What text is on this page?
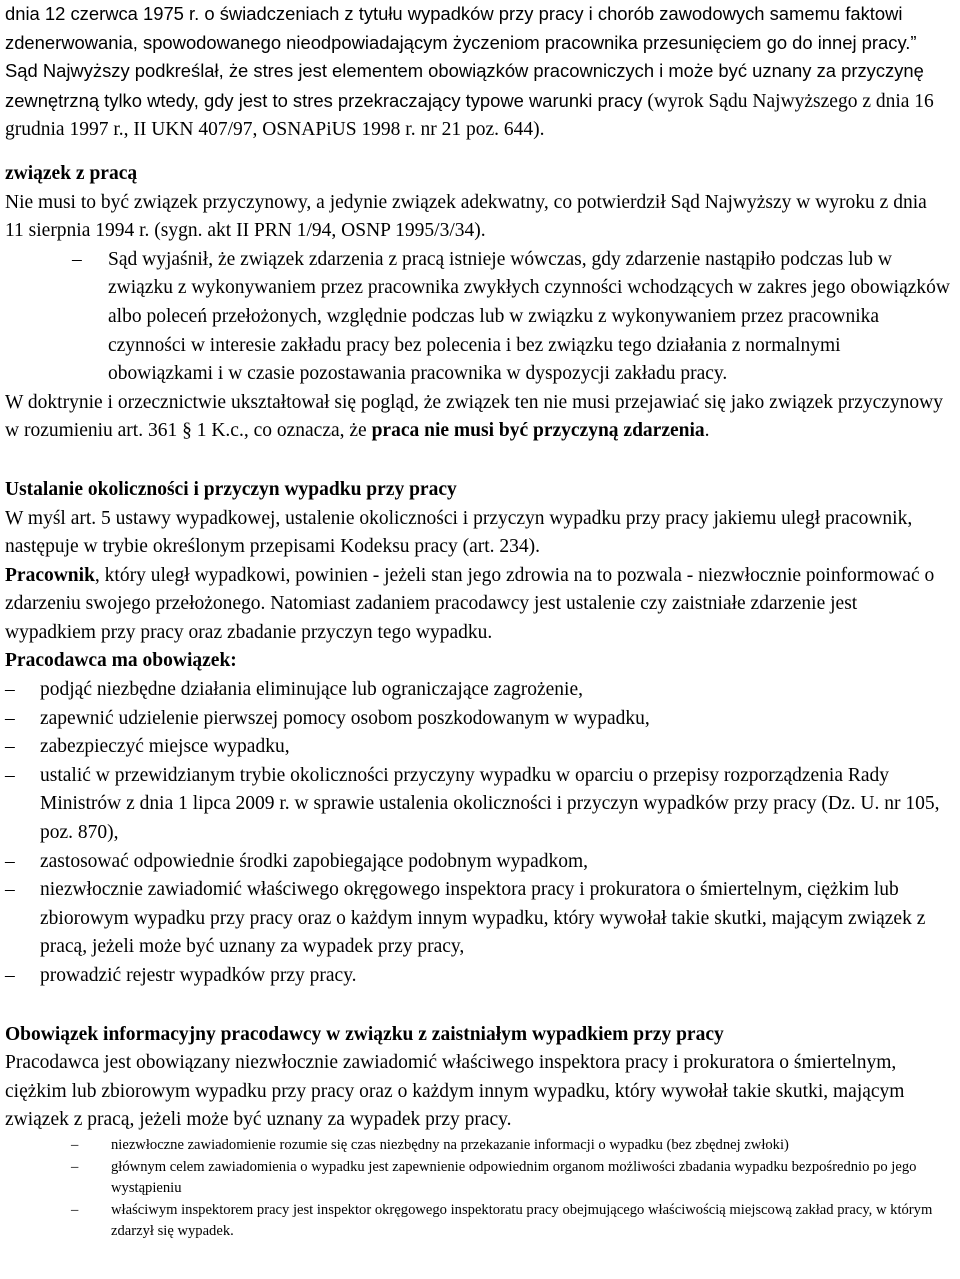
dnia 12 czerwca 1975 r. o świadczeniach z tytułu wypadków przy pracy i chorób zawodowych samemu faktowi zdenerwowania, spowodowanego nieodpowiadającym życzeniom pracownika przesunięciem go do innej pracy.”

Sąd Najwyższy podkreślał, że stres jest elementem obowiązków pracowniczych i może być uznany za przyczynę zewnętrzną tylko wtedy, gdy jest to stres przekraczający typowe warunki pracy (wyrok Sądu Najwyższego z dnia 16 grudnia 1997 r., II UKN 407/97, OSNAPiUS 1998 r. nr 21 poz. 644).

związek z pracą

Nie musi to być związek przyczynowy, a jedynie związek adekwatny, co potwierdził Sąd Najwyższy w wyroku z dnia 11 sierpnia 1994 r. (sygn. akt II PRN 1/94, OSNP 1995/3/34).

– Sąd wyjaśnił, że związek zdarzenia z pracą istnieje wówczas, gdy zdarzenie nastąpiło podczas lub w związku z wykonywaniem przez pracownika zwykłych czynności wchodzących w zakres jego obowiązków albo poleceń przełożonych, względnie podczas lub w związku z wykonywaniem przez pracownika czynności w interesie zakładu pracy bez polecenia i bez związku tego działania z normalnymi obowiązkami i w czasie pozostawania pracownika w dyspozycji zakładu pracy.

W doktrynie i orzecznictwie ukształtował się pogląd, że związek ten nie musi przejawiać się jako związek przyczynowy w rozumieniu art. 361 § 1 K.c., co oznacza, że praca nie musi być przyczyną zdarzenia.

Ustalanie okoliczności i przyczyn wypadku przy pracy

W myśl art. 5 ustawy wypadkowej, ustalenie okoliczności i przyczyn wypadku przy pracy jakiemu uległ pracownik, następuje w trybie określonym przepisami Kodeksu pracy (art. 234).

Pracownik, który uległ wypadkowi, powinien - jeżeli stan jego zdrowia na to pozwala - niezwłocznie poinformować o zdarzeniu swojego przełożonego. Natomiast zadaniem pracodawcy jest ustalenie czy zaistniałe zdarzenie jest wypadkiem przy pracy oraz zbadanie przyczyn tego wypadku.

Pracodawca ma obowiązek:

– podjąć niezbędne działania eliminujące lub ograniczające zagrożenie,
– zapewnić udzielenie pierwszej pomocy osobom poszkodowanym w wypadku,
– zabezpieczyć miejsce wypadku,
– ustalić w przewidzianym trybie okoliczności przyczyny wypadku w oparciu o przepisy rozporządzenia Rady Ministrów z dnia 1 lipca 2009 r. w sprawie ustalenia okoliczności i przyczyn wypadków przy pracy (Dz. U. nr 105, poz. 870),
– zastosować odpowiednie środki zapobiegające podobnym wypadkom,
– niezwłocznie zawiadomić właściwego okręgowego inspektora pracy i prokuratora o śmiertelnym, ciężkim lub zbiorowym wypadku przy pracy oraz o każdym innym wypadku, który wywołał takie skutki, mającym związek z pracą, jeżeli może być uznany za wypadek przy pracy,
– prowadzić rejestr wypadków przy pracy.

Obowiązek informacyjny pracodawcy w związku z zaistniałym wypadkiem przy pracy

Pracodawca jest obowiązany niezwłocznie zawiadomić właściwego inspektora pracy i prokuratora o śmiertelnym, ciężkim lub zbiorowym wypadku przy pracy oraz o każdym innym wypadku, który wywołał takie skutki, mającym związek z pracą, jeżeli może być uznany za wypadek przy pracy.

– niezwłoczne zawiadomienie rozumie się czas niezbędny na przekazanie informacji o wypadku (bez zbędnej zwłoki)
– głównym celem zawiadomienia o wypadku jest zapewnienie odpowiednim organom możliwości zbadania wypadku bezpośrednio po jego wystąpieniu
– właściwym inspektorem pracy jest inspektor okręgowego inspektoratu pracy obejmującego właściwością miejscową zakład pracy, w którym zdarzył się wypadek.
